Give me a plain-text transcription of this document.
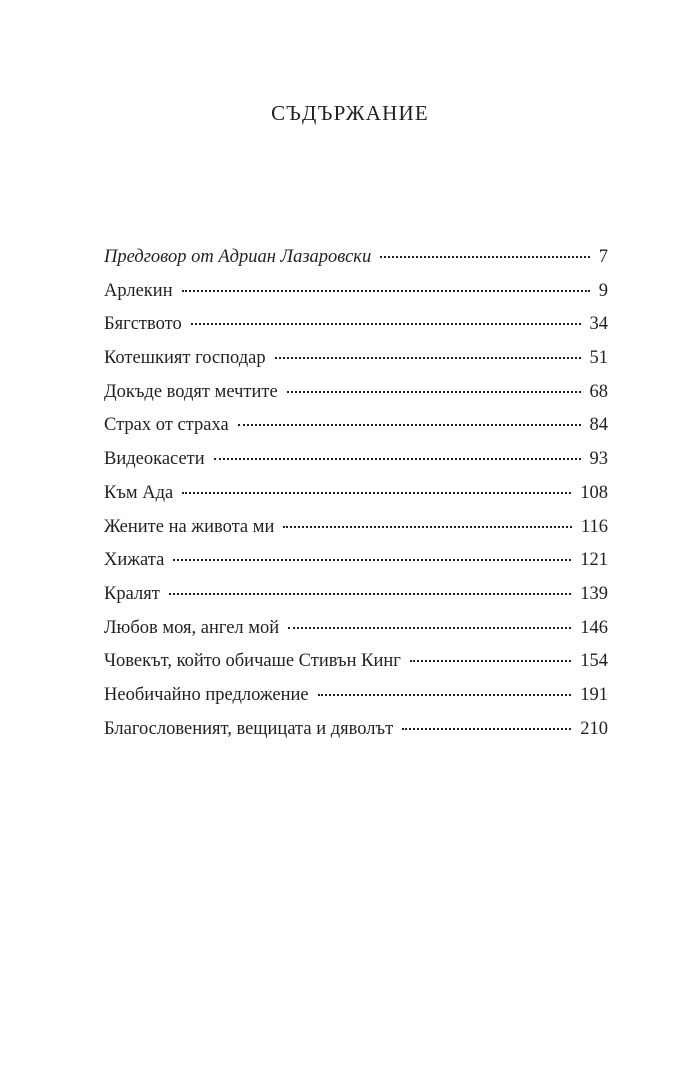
СЪДЪРЖАНИЕ
Предговор от Адриан Лазаровски	7
Арлекин	9
Бягството	34
Котешкият господар	51
Докъде водят мечтите	68
Страх от страха	84
Видеокасети	93
Към Ада	108
Жените на живота ми	116
Хижата	121
Кралят	139
Любов моя, ангел мой	146
Човекът, който обичаше Стивън Кинг	154
Необичайно предложение	191
Благословеният, вещицата и дяволът	210
